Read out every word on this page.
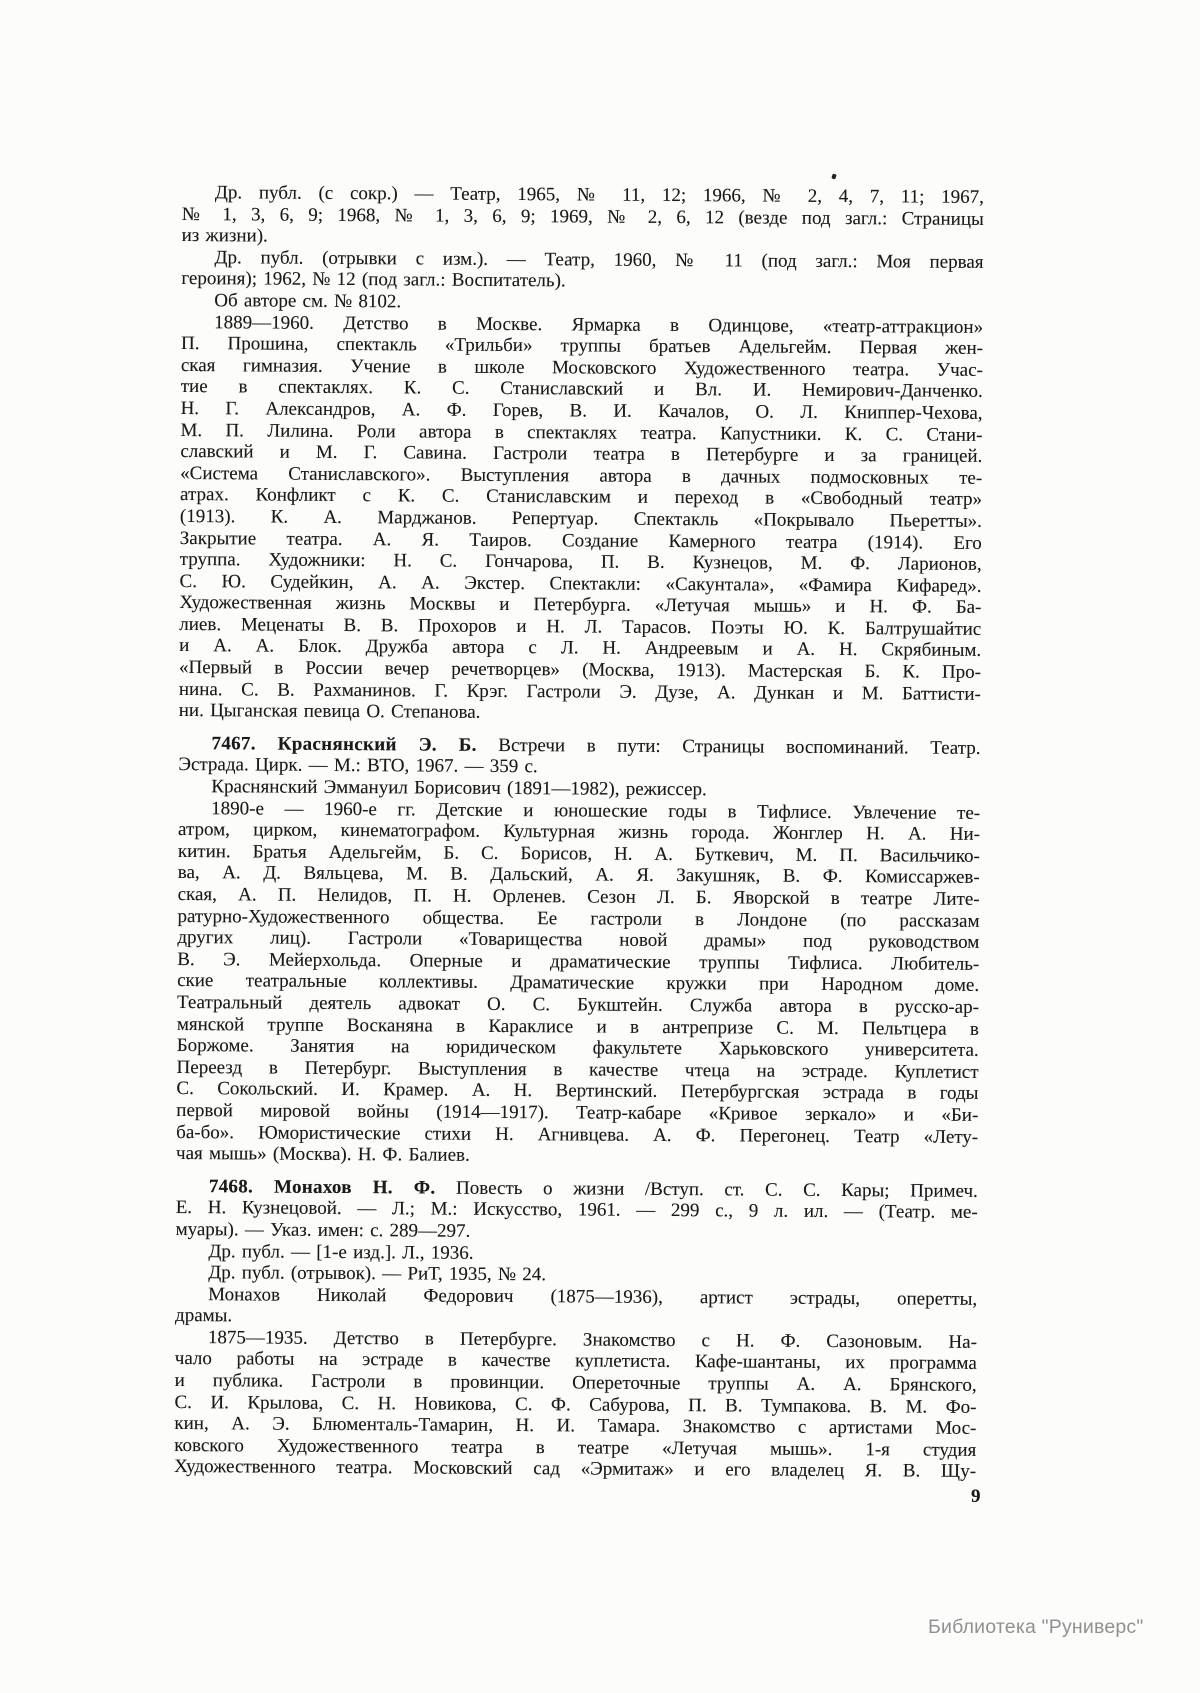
Др. публ. (с сокр.) — Театр, 1965, № 11, 12; 1966, № 2, 4, 7, 11; 1967,
№ 1, 3, 6, 9; 1968, № 1, 3, 6, 9; 1969, № 2, 6, 12 (везде под загл.: Страницы
из жизни).
Др. публ. (отрывки с изм.). — Театр, 1960, № 11 (под загл.: Моя первая
героиня); 1962, № 12 (под загл.: Воспитатель).
Об авторе см. № 8102.
1889—1960. Детство в Москве. Ярмарка в Одинцове, «театр-аттракцион»
П. Прошина, спектакль «Трильби» труппы братьев Адельгейм. Первая жен-
ская гимназия. Учение в школе Московского Художественного театра. Учас-
тие в спектаклях. К. С. Станиславский и Вл. И. Немирович-Данченко.
Н. Г. Александров, А. Ф. Горев, В. И. Качалов, О. Л. Книппер-Чехова,
М. П. Лилина. Роли автора в спектаклях театра. Капустники. К. С. Стани-
славский и М. Г. Савина. Гастроли театра в Петербурге и за границей.
«Система Станиславского». Выступления автора в дачных подмосковных те-
атрах. Конфликт с К. С. Станиславским и переход в «Свободный театр»
(1913). К. А. Марджанов. Репертуар. Спектакль «Покрывало Пьеретты».
Закрытие театра. А. Я. Таиров. Создание Камерного театра (1914). Его
труппа. Художники: Н. С. Гончарова, П. В. Кузнецов, М. Ф. Ларионов,
С. Ю. Судейкин, А. А. Экстер. Спектакли: «Сакунтала», «Фамира Кифаред».
Художественная жизнь Москвы и Петербурга. «Летучая мышь» и Н. Ф. Ба-
лиев. Меценаты В. В. Прохоров и Н. Л. Тарасов. Поэты Ю. К. Балтрушайтис
и А. А. Блок. Дружба автора с Л. Н. Андреевым и А. Н. Скрябиным.
«Первый в России вечер речетворцев» (Москва, 1913). Мастерская Б. К. Про-
нина. С. В. Рахманинов. Г. Крэг. Гастроли Э. Дузе, А. Дункан и М. Баттисти-
ни. Цыганская певица О. Степанова.
7467. Краснянский Э. Б. Встречи в пути: Страницы воспоминаний. Театр.
Эстрада. Цирк. — М.: ВТО, 1967. — 359 с.
Краснянский Эммануил Борисович (1891—1982), режиссер.
1890-е — 1960-е гг. Детские и юношеские годы в Тифлисе. Увлечение те-
атром, цирком, кинематографом. Культурная жизнь города. Жонглер Н. А. Ни-
китин. Братья Адельгейм, Б. С. Борисов, Н. А. Буткевич, М. П. Васильчико-
ва, А. Д. Вяльцева, М. В. Дальский, А. Я. Закушняк, В. Ф. Комиссаржев-
ская, А. П. Нелидов, П. Н. Орленев. Сезон Л. Б. Яворской в театре Лите-
ратурно-Художественного общества. Ее гастроли в Лондоне (по рассказам
других лиц). Гастроли «Товарищества новой драмы» под руководством
В. Э. Мейерхольда. Оперные и драматические труппы Тифлиса. Любитель-
ские театральные коллективы. Драматические кружки при Народном доме.
Театральный деятель адвокат О. С. Букштейн. Служба автора в русско-ар-
мянской труппе Восканяна в Караклисе и в антрепризе С. М. Пельтцера в
Боржоме. Занятия на юридическом факультете Харьковского университета.
Переезд в Петербург. Выступления в качестве чтеца на эстраде. Куплетист
С. Сокольский. И. Крамер. А. Н. Вертинский. Петербургская эстрада в годы
первой мировой войны (1914—1917). Театр-кабаре «Кривое зеркало» и «Би-
ба-бо». Юмористические стихи Н. Агнивцева. А. Ф. Перегонец. Театр «Лету-
чая мышь» (Москва). Н. Ф. Балиев.
7468. Монахов Н. Ф. Повесть о жизни /Вступ. ст. С. С. Кары; Примеч.
Е. Н. Кузнецовой. — Л.; М.: Искусство, 1961. — 299 с., 9 л. ил. — (Театр. ме-
муары). — Указ. имен: с. 289—297.
Др. публ. — [1-е изд.]. Л., 1936.
Др. публ. (отрывок). — РиТ, 1935, № 24.
Монахов Николай Федорович (1875—1936), артист эстрады, оперетты,
драмы.
1875—1935. Детство в Петербурге. Знакомство с Н. Ф. Сазоновым. На-
чало работы на эстраде в качестве куплетиста. Кафе-шантаны, их программа
и публика. Гастроли в провинции. Опереточные труппы А. А. Брянского,
С. И. Крылова, С. Н. Новикова, С. Ф. Сабурова, П. В. Тумпакова. В. М. Фо-
кин, А. Э. Блюменталь-Тамарин, Н. И. Тамара. Знакомство с артистами Мос-
ковского Художественного театра в театре «Летучая мышь». 1-я студия
Художественного театра. Московский сад «Эрмитаж» и его владелец Я. В. Щу-
9
Библиотека "Руниверс"
